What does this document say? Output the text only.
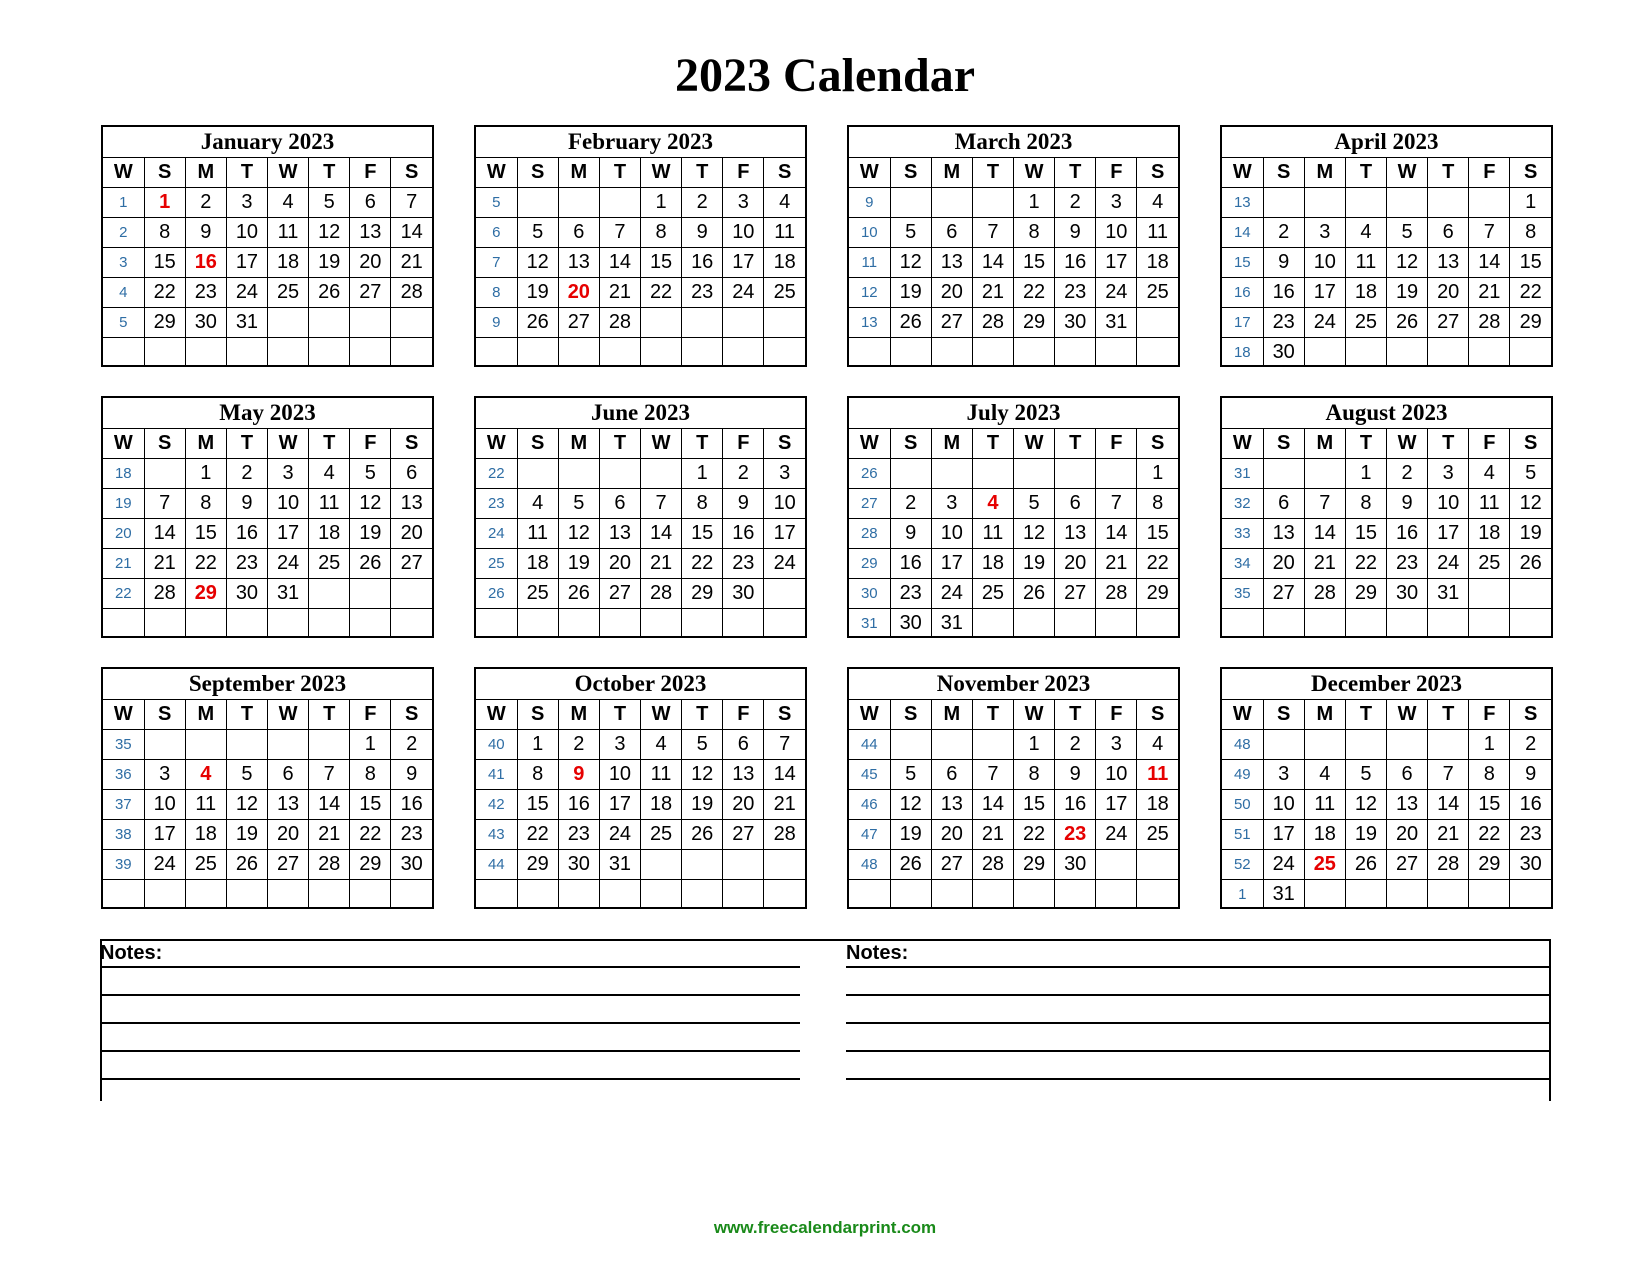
2023 Calendar
January 2023
W	S	M	T	W	T	F	S
1	1	2	3	4	5	6	7
2	8	9	10	11	12	13	14
3	15	16	17	18	19	20	21
4	22	23	24	25	26	27	28
5	29	30	31				

February 2023
W	S	M	T	W	T	F	S
5				1	2	3	4
6	5	6	7	8	9	10	11
7	12	13	14	15	16	17	18
8	19	20	21	22	23	24	25
9	26	27	28				

March 2023
W	S	M	T	W	T	F	S
9				1	2	3	4
10	5	6	7	8	9	10	11
11	12	13	14	15	16	17	18
12	19	20	21	22	23	24	25
13	26	27	28	29	30	31	

April 2023
W	S	M	T	W	T	F	S
13							1
14	2	3	4	5	6	7	8
15	9	10	11	12	13	14	15
16	16	17	18	19	20	21	22
17	23	24	25	26	27	28	29
18	30						
May 2023
W	S	M	T	W	T	F	S
18		1	2	3	4	5	6
19	7	8	9	10	11	12	13
20	14	15	16	17	18	19	20
21	21	22	23	24	25	26	27
22	28	29	30	31			

June 2023
W	S	M	T	W	T	F	S
22					1	2	3
23	4	5	6	7	8	9	10
24	11	12	13	14	15	16	17
25	18	19	20	21	22	23	24
26	25	26	27	28	29	30	

July 2023
W	S	M	T	W	T	F	S
26							1
27	2	3	4	5	6	7	8
28	9	10	11	12	13	14	15
29	16	17	18	19	20	21	22
30	23	24	25	26	27	28	29
31	30	31					
August 2023
W	S	M	T	W	T	F	S
31			1	2	3	4	5
32	6	7	8	9	10	11	12
33	13	14	15	16	17	18	19
34	20	21	22	23	24	25	26
35	27	28	29	30	31		

September 2023
W	S	M	T	W	T	F	S
35						1	2
36	3	4	5	6	7	8	9
37	10	11	12	13	14	15	16
38	17	18	19	20	21	22	23
39	24	25	26	27	28	29	30

October 2023
W	S	M	T	W	T	F	S
40	1	2	3	4	5	6	7
41	8	9	10	11	12	13	14
42	15	16	17	18	19	20	21
43	22	23	24	25	26	27	28
44	29	30	31				

November 2023
W	S	M	T	W	T	F	S
44				1	2	3	4
45	5	6	7	8	9	10	11
46	12	13	14	15	16	17	18
47	19	20	21	22	23	24	25
48	26	27	28	29	30		

December 2023
W	S	M	T	W	T	F	S
48						1	2
49	3	4	5	6	7	8	9
50	10	11	12	13	14	15	16
51	17	18	19	20	21	22	23
52	24	25	26	27	28	29	30
1	31						
Notes:	Notes:
www.freecalendarprint.com
